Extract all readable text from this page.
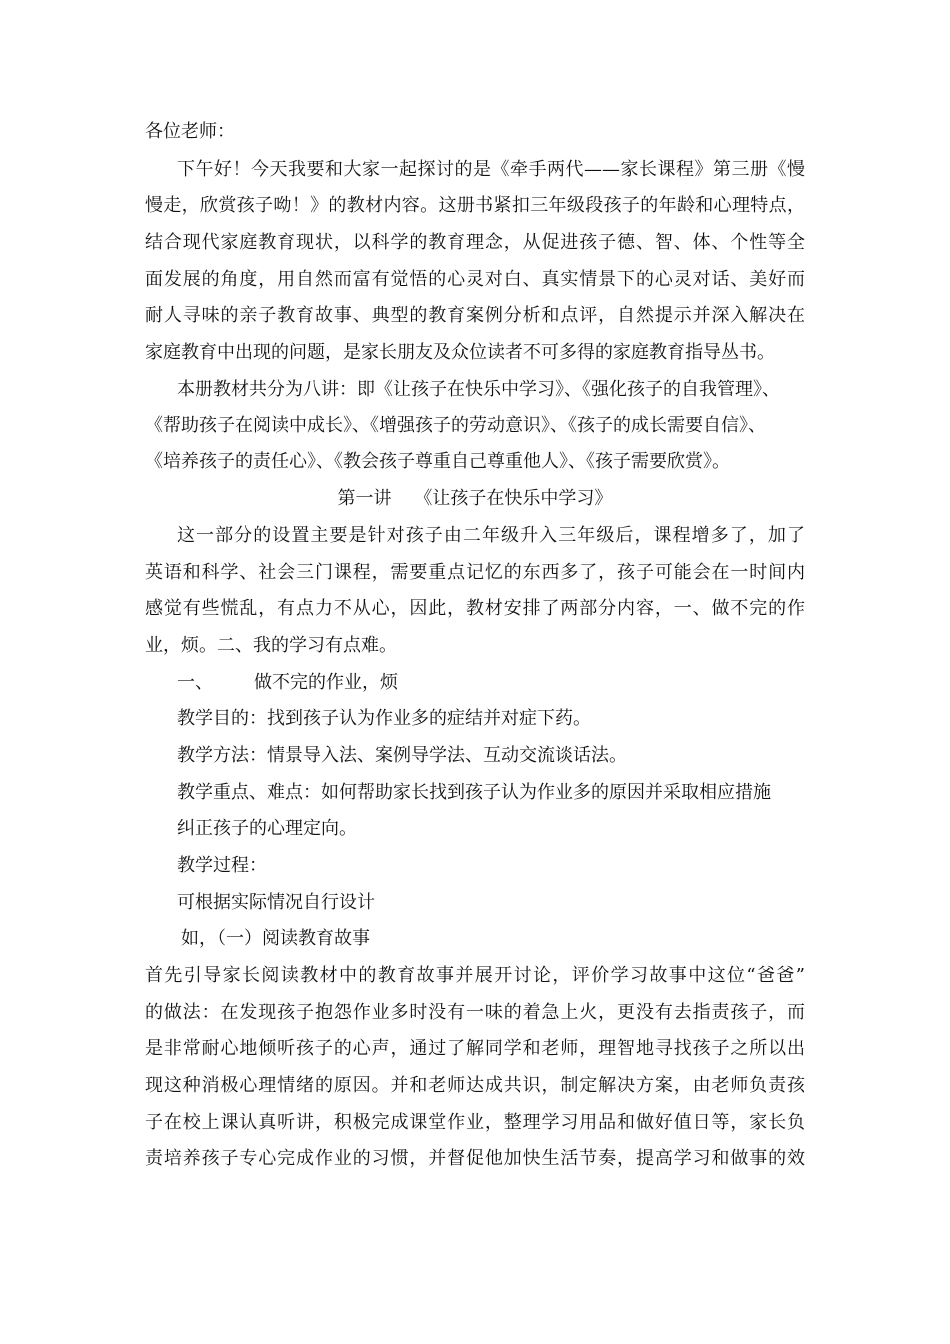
各位老师：
下午好！今天我要和大家一起探讨的是《牵手两代——家长课程》第三册《慢
慢走，欣赏孩子呦！》的教材内容。这册书紧扣三年级段孩子的年龄和心理特点，
结合现代家庭教育现状，以科学的教育理念，从促进孩子德、智、体、个性等全
面发展的角度，用自然而富有觉悟的心灵对白、真实情景下的心灵对话、美好而
耐人寻味的亲子教育故事、典型的教育案例分析和点评，自然提示并深入解决在
家庭教育中出现的问题，是家长朋友及众位读者不可多得的家庭教育指导丛书。
本册教材共分为八讲：即《让孩子在快乐中学习》、《强化孩子的自我管理》、
《帮助孩子在阅读中成长》、《增强孩子的劳动意识》、《孩子的成长需要自信》、
《培养孩子的责任心》、《教会孩子尊重自己尊重他人》、《孩子需要欣赏》。
第一讲    《让孩子在快乐中学习》
这一部分的设置主要是针对孩子由二年级升入三年级后，课程增多了，加了
英语和科学、社会三门课程，需要重点记忆的东西多了，孩子可能会在一时间内
感觉有些慌乱，有点力不从心，因此，教材安排了两部分内容，一、做不完的作
业，烦。二、我的学习有点难。
一、 做不完的作业，烦
教学目的：找到孩子认为作业多的症结并对症下药。
教学方法：情景导入法、案例导学法、互动交流谈话法。
教学重点、难点：如何帮助家长找到孩子认为作业多的原因并采取相应措施
纠正孩子的心理定向。
教学过程：
可根据实际情况自行设计
如，（一）阅读教育故事
首先引导家长阅读教材中的教育故事并展开讨论，评价学习故事中这位“爸爸”
的做法：在发现孩子抱怨作业多时没有一味的着急上火，更没有去指责孩子，而
是非常耐心地倾听孩子的心声，通过了解同学和老师，理智地寻找孩子之所以出
现这种消极心理情绪的原因。并和老师达成共识，制定解决方案，由老师负责孩
子在校上课认真听讲，积极完成课堂作业，整理学习用品和做好值日等，家长负
责培养孩子专心完成作业的习惯，并督促他加快生活节奏，提高学习和做事的效
